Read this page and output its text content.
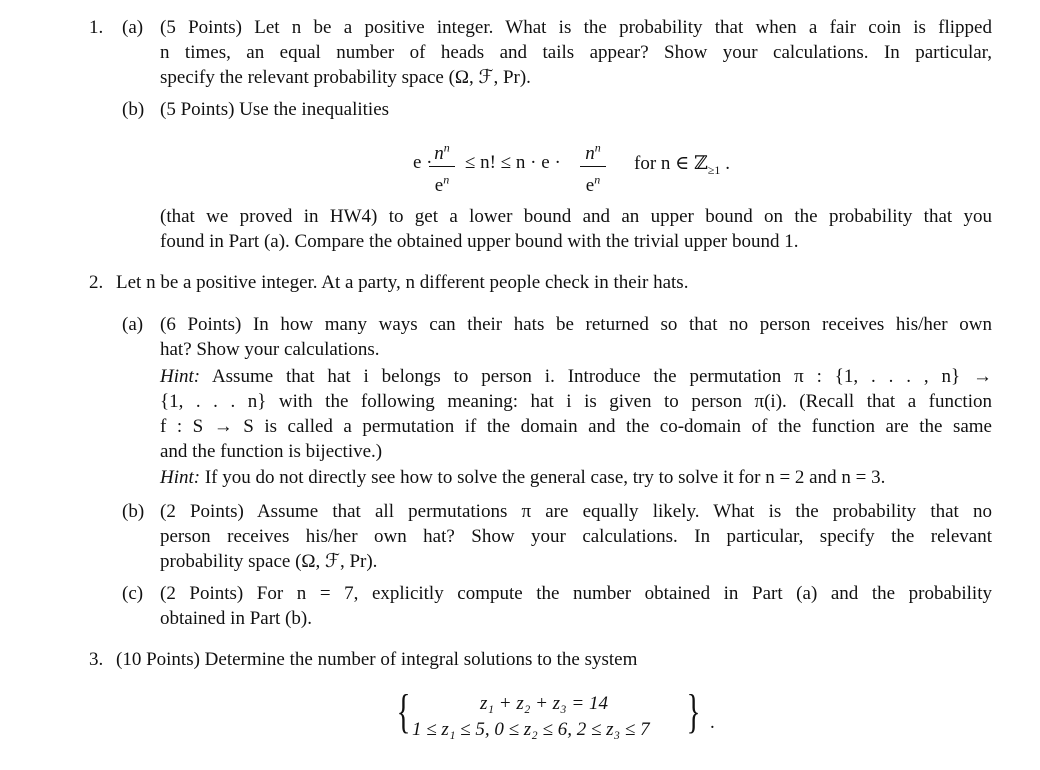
1. (a) (5 Points) Let n be a positive integer. What is the probability that when a fair coin is flipped
n times, an equal number of heads and tails appear? Show your calculations. In particular,
specify the relevant probability space (Ω, ℱ, Pr).
(b) (5 Points) Use the inequalities
$e \cdot n^n$
$e^n$
≤ n! ≤ $n \cdot e \cdot n^n$
$e^n$
for n ∈ ℤ$_{\ge 1}$ .
(that we proved in HW4) to get a lower bound and an upper bound on the probability that you
found in Part (a). Compare the obtained upper bound with the trivial upper bound 1.
2. Let n be a positive integer. At a party, n different people check in their hats.
(a) (6 Points) In how many ways can their hats be returned so that no person receives his/her own
hat? Show your calculations.
Hint: Assume that hat i belongs to person i. Introduce the permutation π : {1, . . . , n} →
{1, . . . n} with the following meaning: hat i is given to person π(i). (Recall that a function
f : S → S is called a permutation if the domain and the co-domain of the function are the same
and the function is bijective.)
Hint: If you do not directly see how to solve the general case, try to solve it for n = 2 and n = 3.
(b) (2 Points) Assume that all permutations π are equally likely. What is the probability that no
person receives his/her own hat? Show your calculations. In particular, specify the relevant
probability space (Ω, ℱ, Pr).
(c) (2 Points) For n = 7, explicitly compute the number obtained in Part (a) and the probability
obtained in Part (b).
3. (10 Points) Determine the number of integral solutions to the system
{	z₁ + z₂ + z₃ = 14
1 ≤ z₁ ≤ 5, 0 ≤ z₂ ≤ 6, 2 ≤ z₃ ≤ 7 } .
